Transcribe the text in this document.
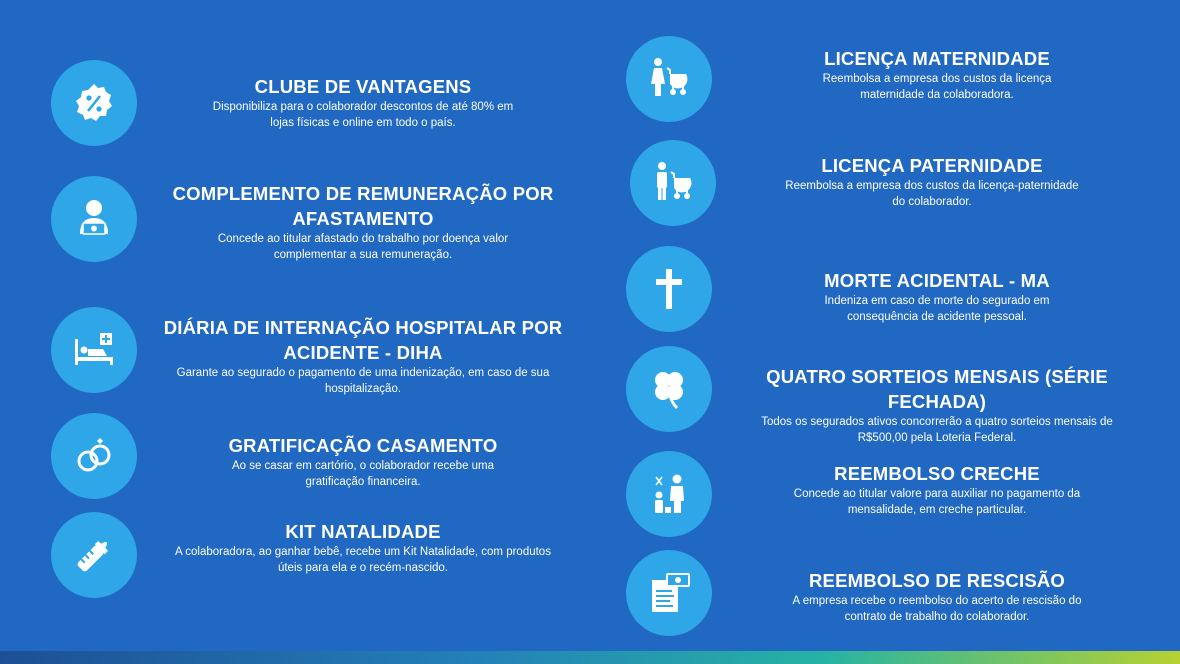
CLUBE DE VANTAGENS
Disponibiliza para o colaborador descontos de até 80% em
lojas físicas e online em todo o país.
COMPLEMENTO DE REMUNERAÇÃO POR
AFASTAMENTO
Concede ao titular afastado do trabalho por doença valor
complementar a sua remuneração.
DIÁRIA DE INTERNAÇÃO HOSPITALAR POR
ACIDENTE - DIHA
Garante ao segurado o pagamento de uma indenização, em caso de sua
hospitalização.
GRATIFICAÇÃO CASAMENTO
Ao se casar em cartório, o colaborador recebe uma
gratificação financeira.
KIT NATALIDADE
A colaboradora, ao ganhar bebê, recebe um Kit Natalidade, com produtos
úteis para ela e o recém-nascido.
LICENÇA MATERNIDADE
Reembolsa a empresa dos custos da licença
maternidade da colaboradora.
LICENÇA PATERNIDADE
Reembolsa a empresa dos custos da licença-paternidade
do colaborador.
MORTE ACIDENTAL - MA
Indeniza em caso de morte do segurado em
consequência de acidente pessoal.
QUATRO SORTEIOS MENSAIS (SÉRIE FECHADA)
Todos os segurados ativos concorrerão a quatro sorteios mensais de
R$500,00 pela Loteria Federal.
REEMBOLSO CRECHE
Concede ao titular valore para auxiliar no pagamento da
mensalidade, em creche particular.
REEMBOLSO DE RESCISÃO
A empresa recebe o reembolso do acerto de rescisão do
contrato de trabalho do colaborador.
